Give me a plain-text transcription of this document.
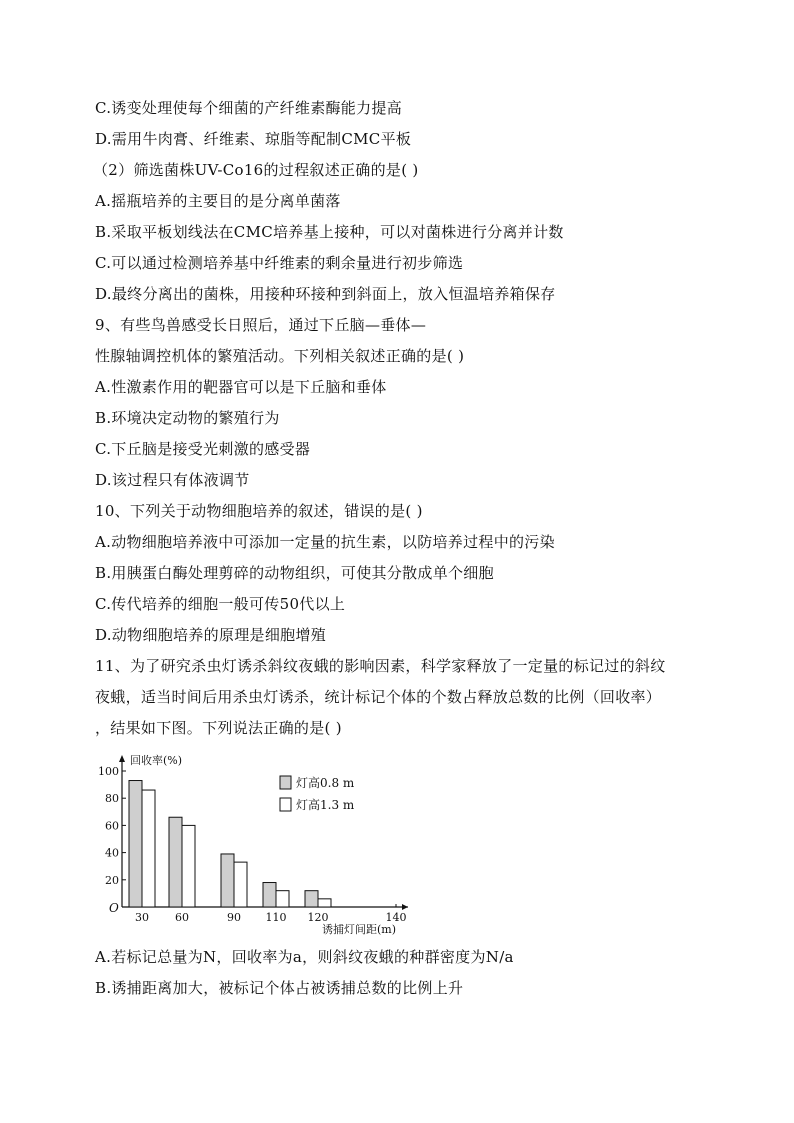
C.诱变处理使每个细菌的产纤维素酶能力提高
D.需用牛肉膏、纤维素、琼脂等配制CMC平板
（2）筛选菌株UV-Co16的过程叙述正确的是( )
A.摇瓶培养的主要目的是分离单菌落
B.采取平板划线法在CMC培养基上接种，可以对菌株进行分离并计数
C.可以通过检测培养基中纤维素的剩余量进行初步筛选
D.最终分离出的菌株，用接种环接种到斜面上，放入恒温培养箱保存
9、有些鸟兽感受长日照后，通过下丘脑—垂体—
性腺轴调控机体的繁殖活动。下列相关叙述正确的是( )
A.性激素作用的靶器官可以是下丘脑和垂体
B.环境决定动物的繁殖行为
C.下丘脑是接受光刺激的感受器
D.该过程只有体液调节
10、下列关于动物细胞培养的叙述，错误的是( )
A.动物细胞培养液中可添加一定量的抗生素，以防培养过程中的污染
B.用胰蛋白酶处理剪碎的动物组织，可使其分散成单个细胞
C.传代培养的细胞一般可传50代以上
D.动物细胞培养的原理是细胞增殖
11、为了研究杀虫灯诱杀斜纹夜蛾的影响因素，科学家释放了一定量的标记过的斜纹
夜蛾，适当时间后用杀虫灯诱杀，统计标记个体的个数占释放总数的比例（回收率）
，结果如下图。下列说法正确的是( )
回收率(%)
诱捕灯间距(m)
O
20
40
60
80
100
30 60	90 110 120	140
灯高0.8 m
灯高1.3 m
A.若标记总量为N，回收率为a，则斜纹夜蛾的种群密度为N/a
B.诱捕距离加大，被标记个体占被诱捕总数的比例上升
